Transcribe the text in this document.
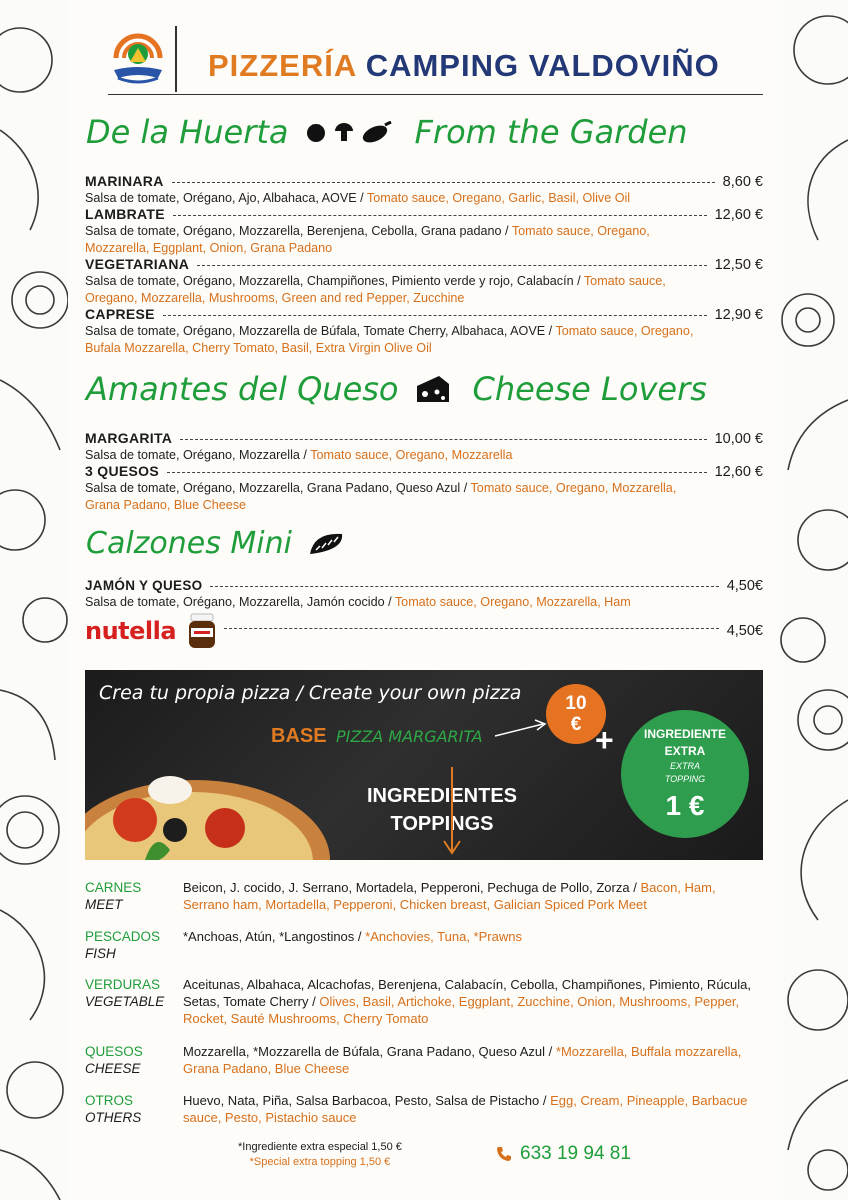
PIZZERÍA CAMPING VALDOVIÑO
De la Huerta	From the Garden
MARINARA	8,60 €
Salsa de tomate, Orégano, Ajo, Albahaca, AOVE / Tomato sauce, Oregano, Garlic, Basil, Olive Oil
LAMBRATE	12,60 €
Salsa de tomate, Orégano, Mozzarella, Berenjena, Cebolla, Grana padano / Tomato sauce, Oregano, Mozzarella, Eggplant, Onion, Grana Padano
VEGETARIANA	12,50 €
Salsa de tomate, Orégano, Mozzarella, Champiñones, Pimiento verde y rojo, Calabacín / Tomato sauce, Oregano, Mozzarella, Mushrooms, Green and red Pepper, Zucchine
CAPRESE	12,90 €
Salsa de tomate, Orégano, Mozzarella de Búfala, Tomate Cherry, Albahaca, AOVE / Tomato sauce, Oregano, Bufala Mozzarella, Cherry Tomato, Basil, Extra Virgin Olive Oil
Amantes del Queso Cheese Lovers
MARGARITA	10,00 €
Salsa de tomate, Orégano, Mozzarella / Tomato sauce, Oregano, Mozzarella
3 QUESOS	12,60 €
Salsa de tomate, Orégano, Mozzarella, Grana Padano, Queso Azul / Tomato sauce, Oregano, Mozzarella, Grana Padano, Blue Cheese
Calzones Mini
JAMÓN Y QUESO	4,50€
Salsa de tomate, Orégano, Mozzarella, Jamón cocido / Tomato sauce, Oregano, Mozzarella, Ham
nutella	4,50€
Crea tu propia pizza / Create your own pizza
BASE PIZZA MARGARITA
10
€ +	INGREDIENTE
EXTRA
EXTRA
TOPPING
1 €
INGREDIENTES
TOPPINGS
CARNES
MEET
Beicon, J. cocido, J. Serrano, Mortadela, Pepperoni, Pechuga de Pollo, Zorza / Bacon, Ham, Serrano ham, Mortadella, Pepperoni, Chicken breast, Galician Spiced Pork Meet
PESCADOS
FISH
*Anchoas, Atún, *Langostinos / *Anchovies, Tuna, *Prawns
VERDURAS
VEGETABLE
Aceitunas, Albahaca, Alcachofas, Berenjena, Calabacín, Cebolla, Champiñones, Pimiento, Rúcula, Setas, Tomate Cherry / Olives, Basil, Artichoke, Eggplant, Zucchine, Onion, Mushrooms, Pepper, Rocket, Sauté Mushrooms, Cherry Tomato
QUESOS
CHEESE
Mozzarella, *Mozzarella de Búfala, Grana Padano, Queso Azul / *Mozzarella, Buffala mozzarella, Grana Padano, Blue Cheese
OTROS
OTHERS
Huevo, Nata, Piña, Salsa Barbacoa, Pesto, Salsa de Pistacho / Egg, Cream, Pineapple, Barbacue sauce, Pesto, Pistachio sauce
*Ingrediente extra especial 1,50 €
*Special extra topping 1,50 €	633 19 94 81
